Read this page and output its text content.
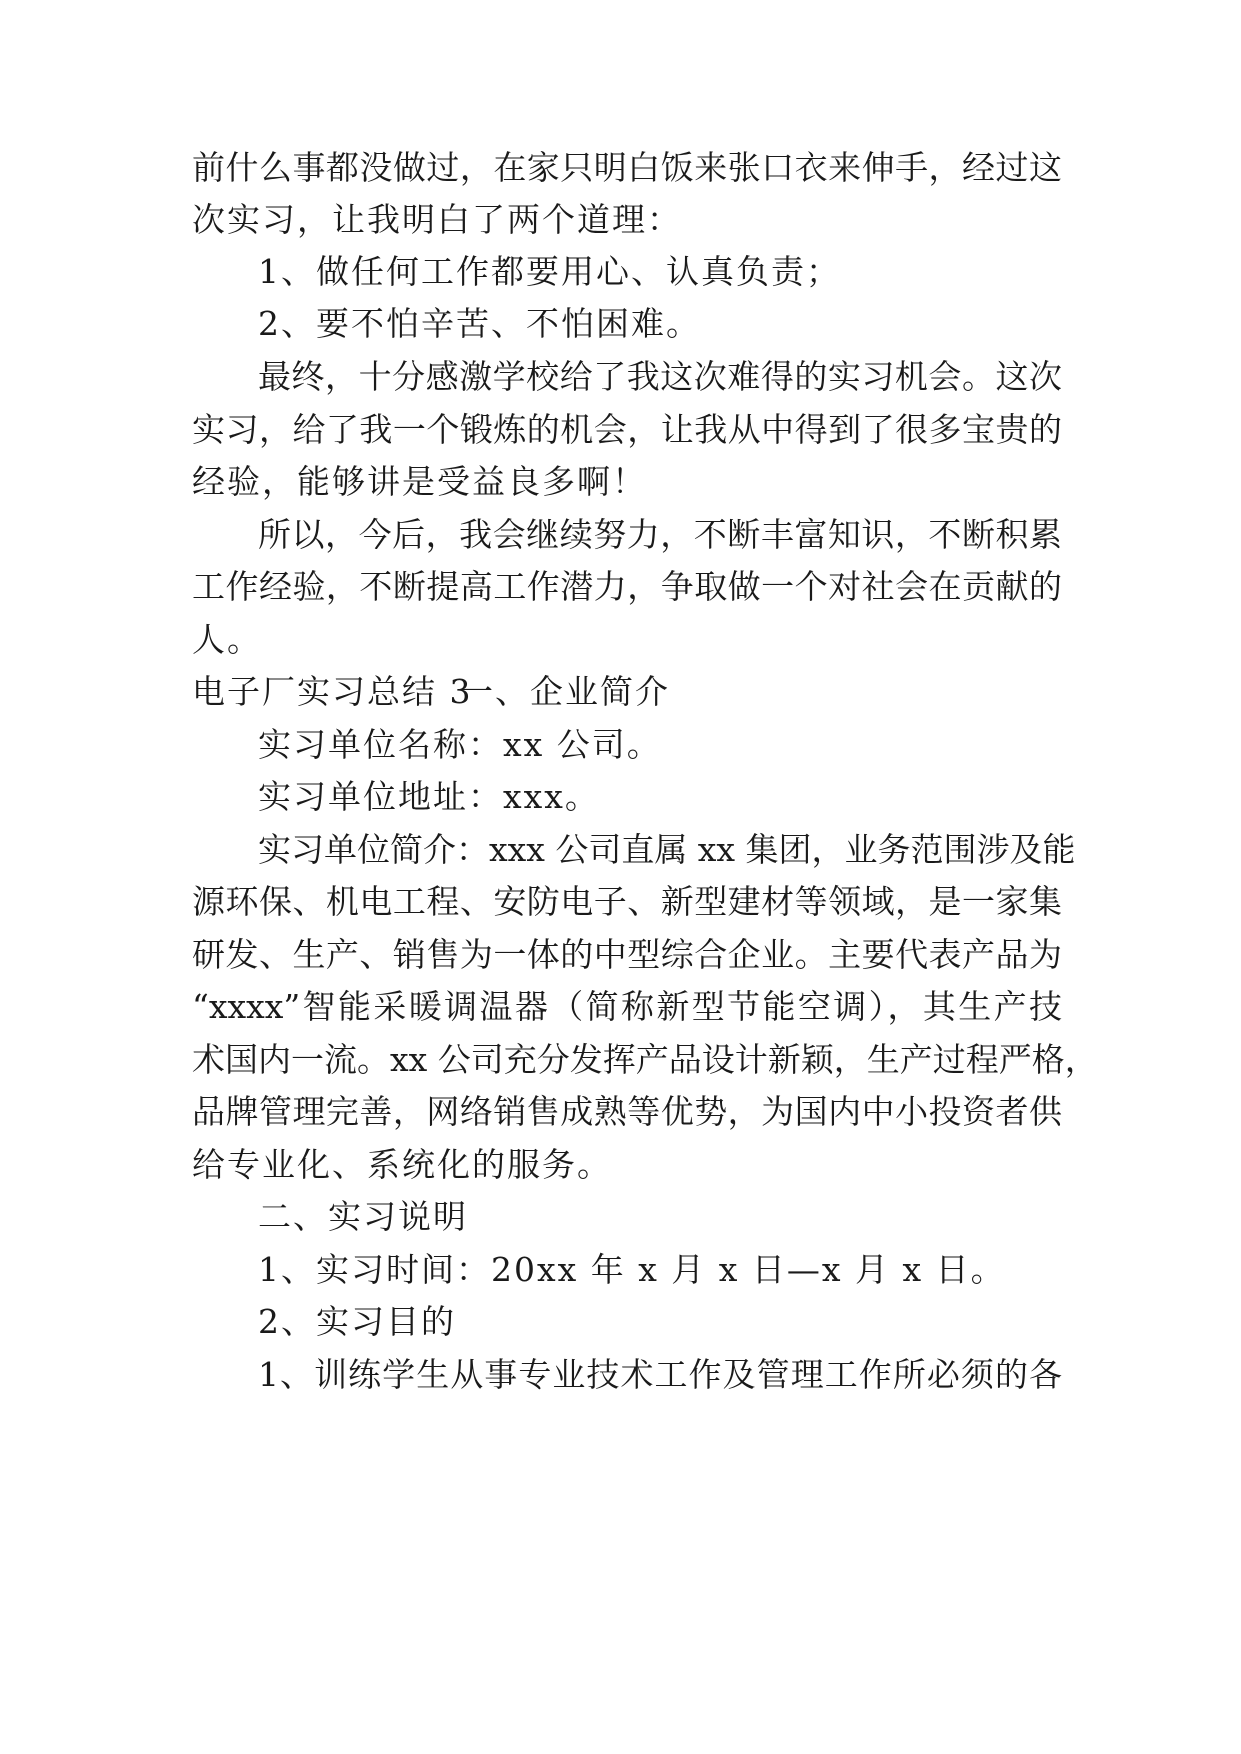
前什么事都没做过，在家只明白饭来张口衣来伸手，经过这
次实习，让我明白了两个道理：
1、做任何工作都要用心、认真负责；
2、要不怕辛苦、不怕困难。
最终，十分感激学校给了我这次难得的实习机会。这次
实习，给了我一个锻炼的机会，让我从中得到了很多宝贵的
经验，能够讲是受益良多啊！
所以，今后，我会继续努力，不断丰富知识，不断积累
工作经验，不断提高工作潜力，争取做一个对社会在贡献的
人。
电子厂实习总结 3
一、企业简介
实习单位名称：xx 公司。
实习单位地址：xxx。
实习单位简介：xxx 公司直属 xx 集团，业务范围涉及能
源环保、机电工程、安防电子、新型建材等领域，是一家集
研发、生产、销售为一体的中型综合企业。主要代表产品为
“xxxx”智能采暖调温器（简称新型节能空调），其生产技
术国内一流。xx 公司充分发挥产品设计新颖，生产过程严格，
品牌管理完善，网络销售成熟等优势，为国内中小投资者供
给专业化、系统化的服务。
二、实习说明
1、实习时间：20xx 年 x 月 x 日—x 月 x 日。
2、实习目的
1、训练学生从事专业技术工作及管理工作所必须的各
